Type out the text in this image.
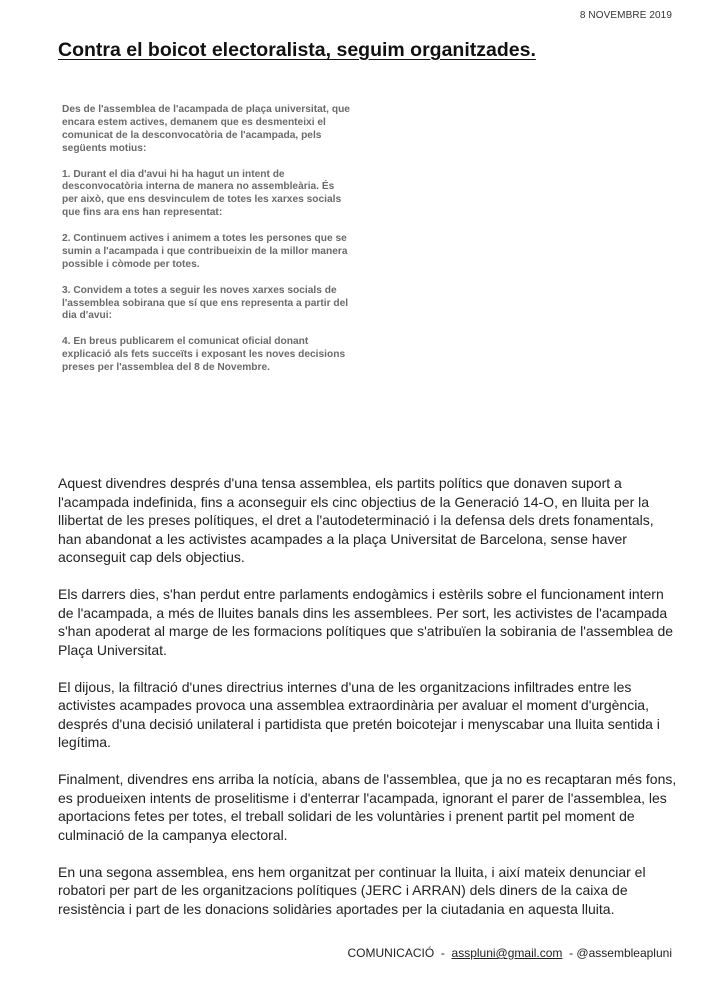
8 NOVEMBRE 2019
Contra el boicot electoralista, seguim organitzades.

Des de l'assemblea de l'acampada de plaça universitat, que encara estem actives, demanem que es desmenteixi el comunicat de la desconvocatòria de l'acampada, pels següents motius:

1. Durant el dia d'avui hi ha hagut un intent de desconvocatòria interna de manera no assembleària. És per això, que ens desvinculem de totes les xarxes socials que fins ara ens han representat:

2. Continuem actives i animem a totes les persones que se sumin a l'acampada i que contribueixin de la millor manera possible i còmode per totes.

3. Convidem a totes a seguir les noves xarxes socials de l'assemblea sobirana que sí que ens representa a partir del dia d'avui:

4. En breus publicarem el comunicat oficial donant explicació als fets succeïts i exposant les noves decisions preses per l'assemblea del 8 de Novembre.

Aquest divendres després d'una tensa assemblea, els partits polítics que donaven suport a l'acampada indefinida, fins a aconseguir els cinc objectius de la Generació 14-O, en lluita per la llibertat de les preses polítiques, el dret a l'autodeterminació i la defensa dels drets fonamentals, han abandonat a les activistes acampades a la plaça Universitat de Barcelona, sense haver aconseguit cap dels objectius.

Els darrers dies, s'han perdut entre parlaments endogàmics i estèrils sobre el funcionament intern de l'acampada, a més de lluites banals dins les assemblees. Per sort, les activistes de l'acampada s'han apoderat al marge de les formacions polítiques que s'atribuïen la sobirania de l'assemblea de Plaça Universitat.

El dijous, la filtració d'unes directrius internes d'una de les organitzacions infiltrades entre les activistes acampades provoca una assemblea extraordinària per avaluar el moment d'urgència, després d'una decisió unilateral i partidista que pretén boicotejar i menyscabar una lluita sentida i legítima.

Finalment, divendres ens arriba la notícia, abans de l'assemblea, que ja no es recaptaran més fons, es produeixen intents de proselitisme i d'enterrar l'acampada, ignorant el parer de l'assemblea, les aportacions fetes per totes, el treball solidari de les voluntàries i prenent partit pel moment de culminació de la campanya electoral.

En una segona assemblea, ens hem organitzat per continuar la lluita, i així mateix denunciar el robatori per part de les organitzacions polítiques (JERC i ARRAN) dels diners de la caixa de resistència i part de les donacions solidàries aportades per la ciutadania en aquesta lluita.

COMUNICACIÓ - asspluni@gmail.com - @assembleapluni
